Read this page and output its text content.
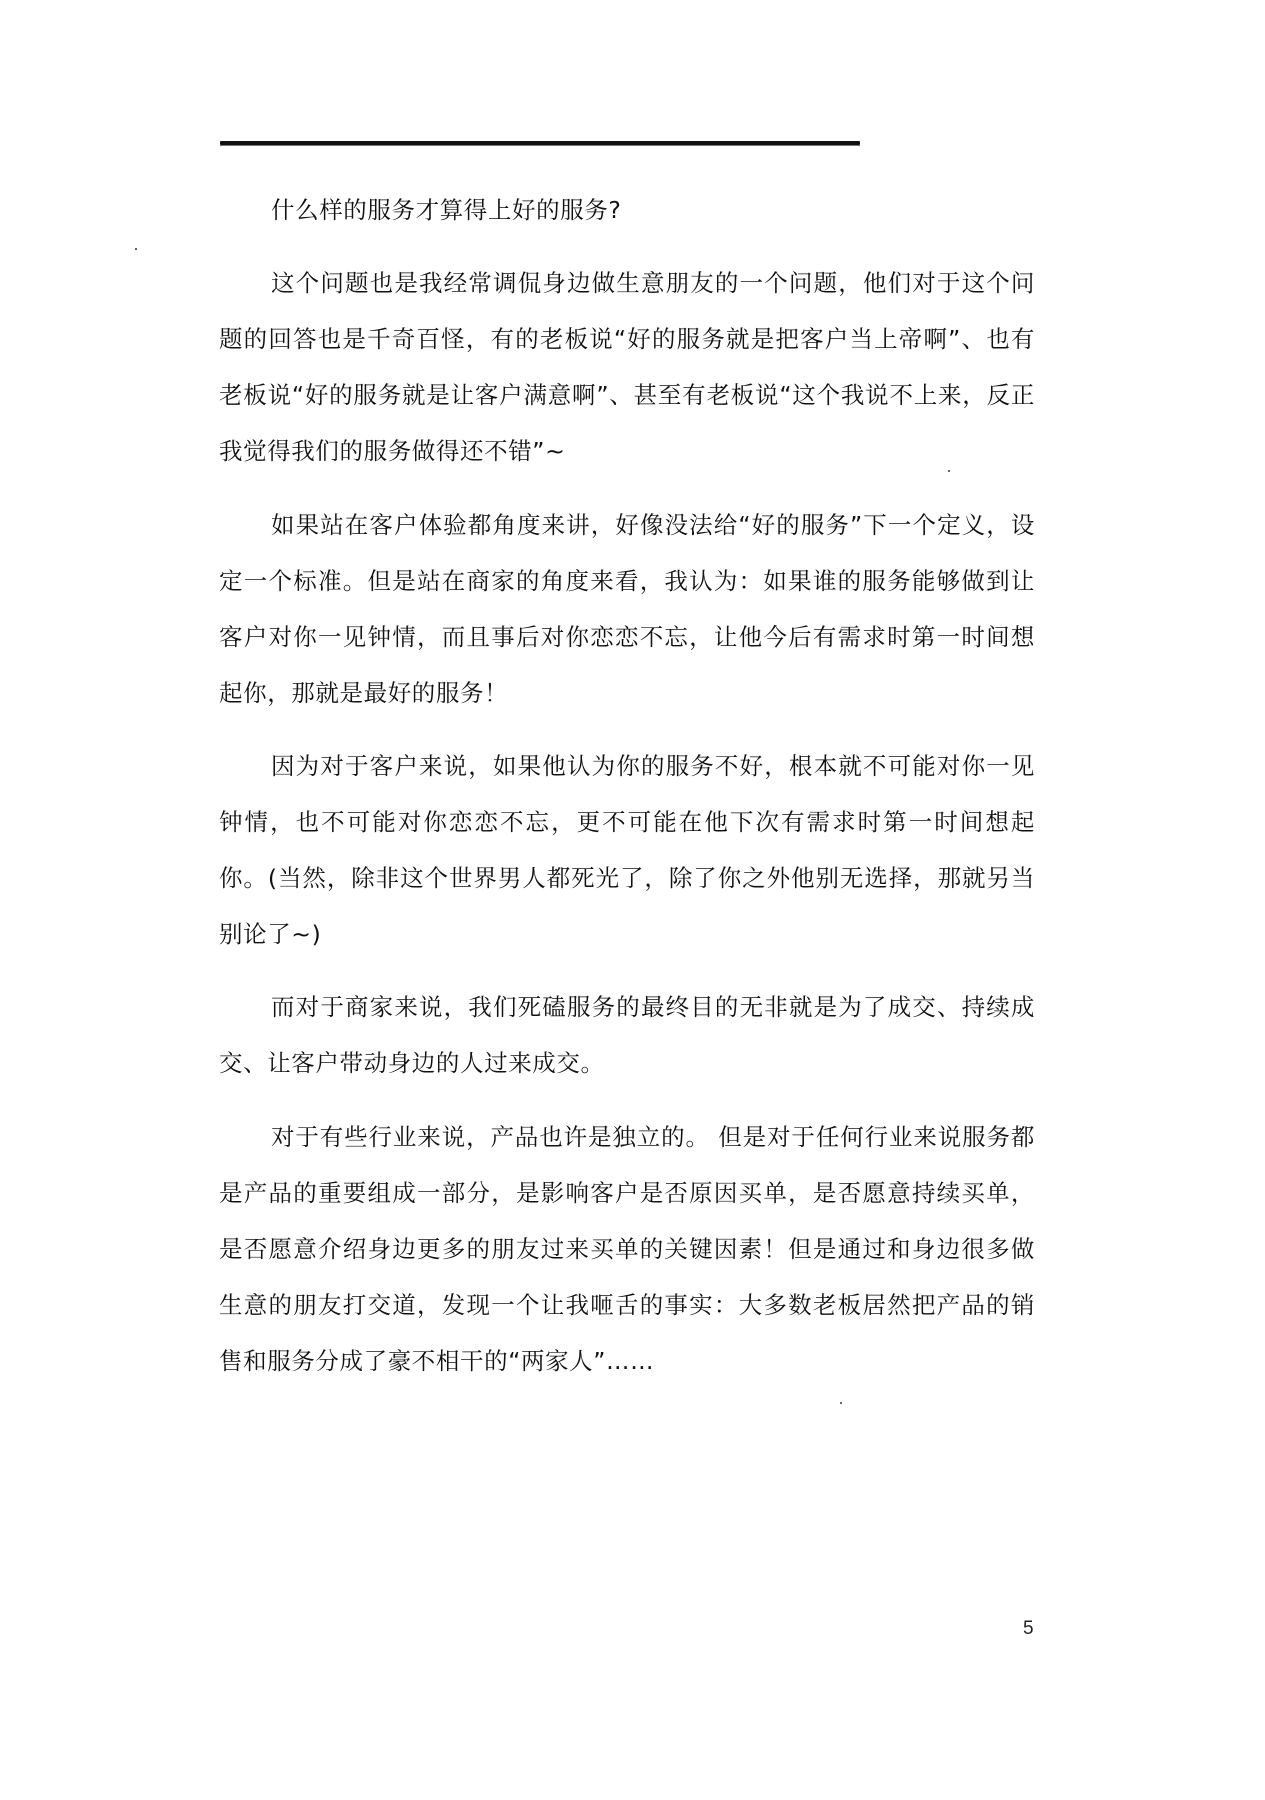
什么样的服务才算得上好的服务?

这个问题也是我经常调侃身边做生意朋友的一个问题，他们对于这个问题的回答也是千奇百怪，有的老板说“好的服务就是把客户当上帝啊”、也有老板说“好的服务就是让客户满意啊”、甚至有老板说“这个我说不上来，反正我觉得我们的服务做得还不错”~

如果站在客户体验都角度来讲，好像没法给“好的服务”下一个定义，设定一个标准。但是站在商家的角度来看，我认为：如果谁的服务能够做到让客户对你一见钟情，而且事后对你恋恋不忘，让他今后有需求时第一时间想起你，那就是最好的服务！

因为对于客户来说，如果他认为你的服务不好，根本就不可能对你一见钟情，也不可能对你恋恋不忘，更不可能在他下次有需求时第一时间想起你。(当然，除非这个世界男人都死光了，除了你之外他别无选择，那就另当别论了~)

而对于商家来说，我们死磕服务的最终目的无非就是为了成交、持续成交、让客户带动身边的人过来成交。

对于有些行业来说，产品也许是独立的。 但是对于任何行业来说服务都是产品的重要组成一部分，是影响客户是否原因买单，是否愿意持续买单，是否愿意介绍身边更多的朋友过来买单的关键因素！但是通过和身边很多做生意的朋友打交道，发现一个让我咂舌的事实：大多数老板居然把产品的销售和服务分成了豪不相干的“两家人”……

5
